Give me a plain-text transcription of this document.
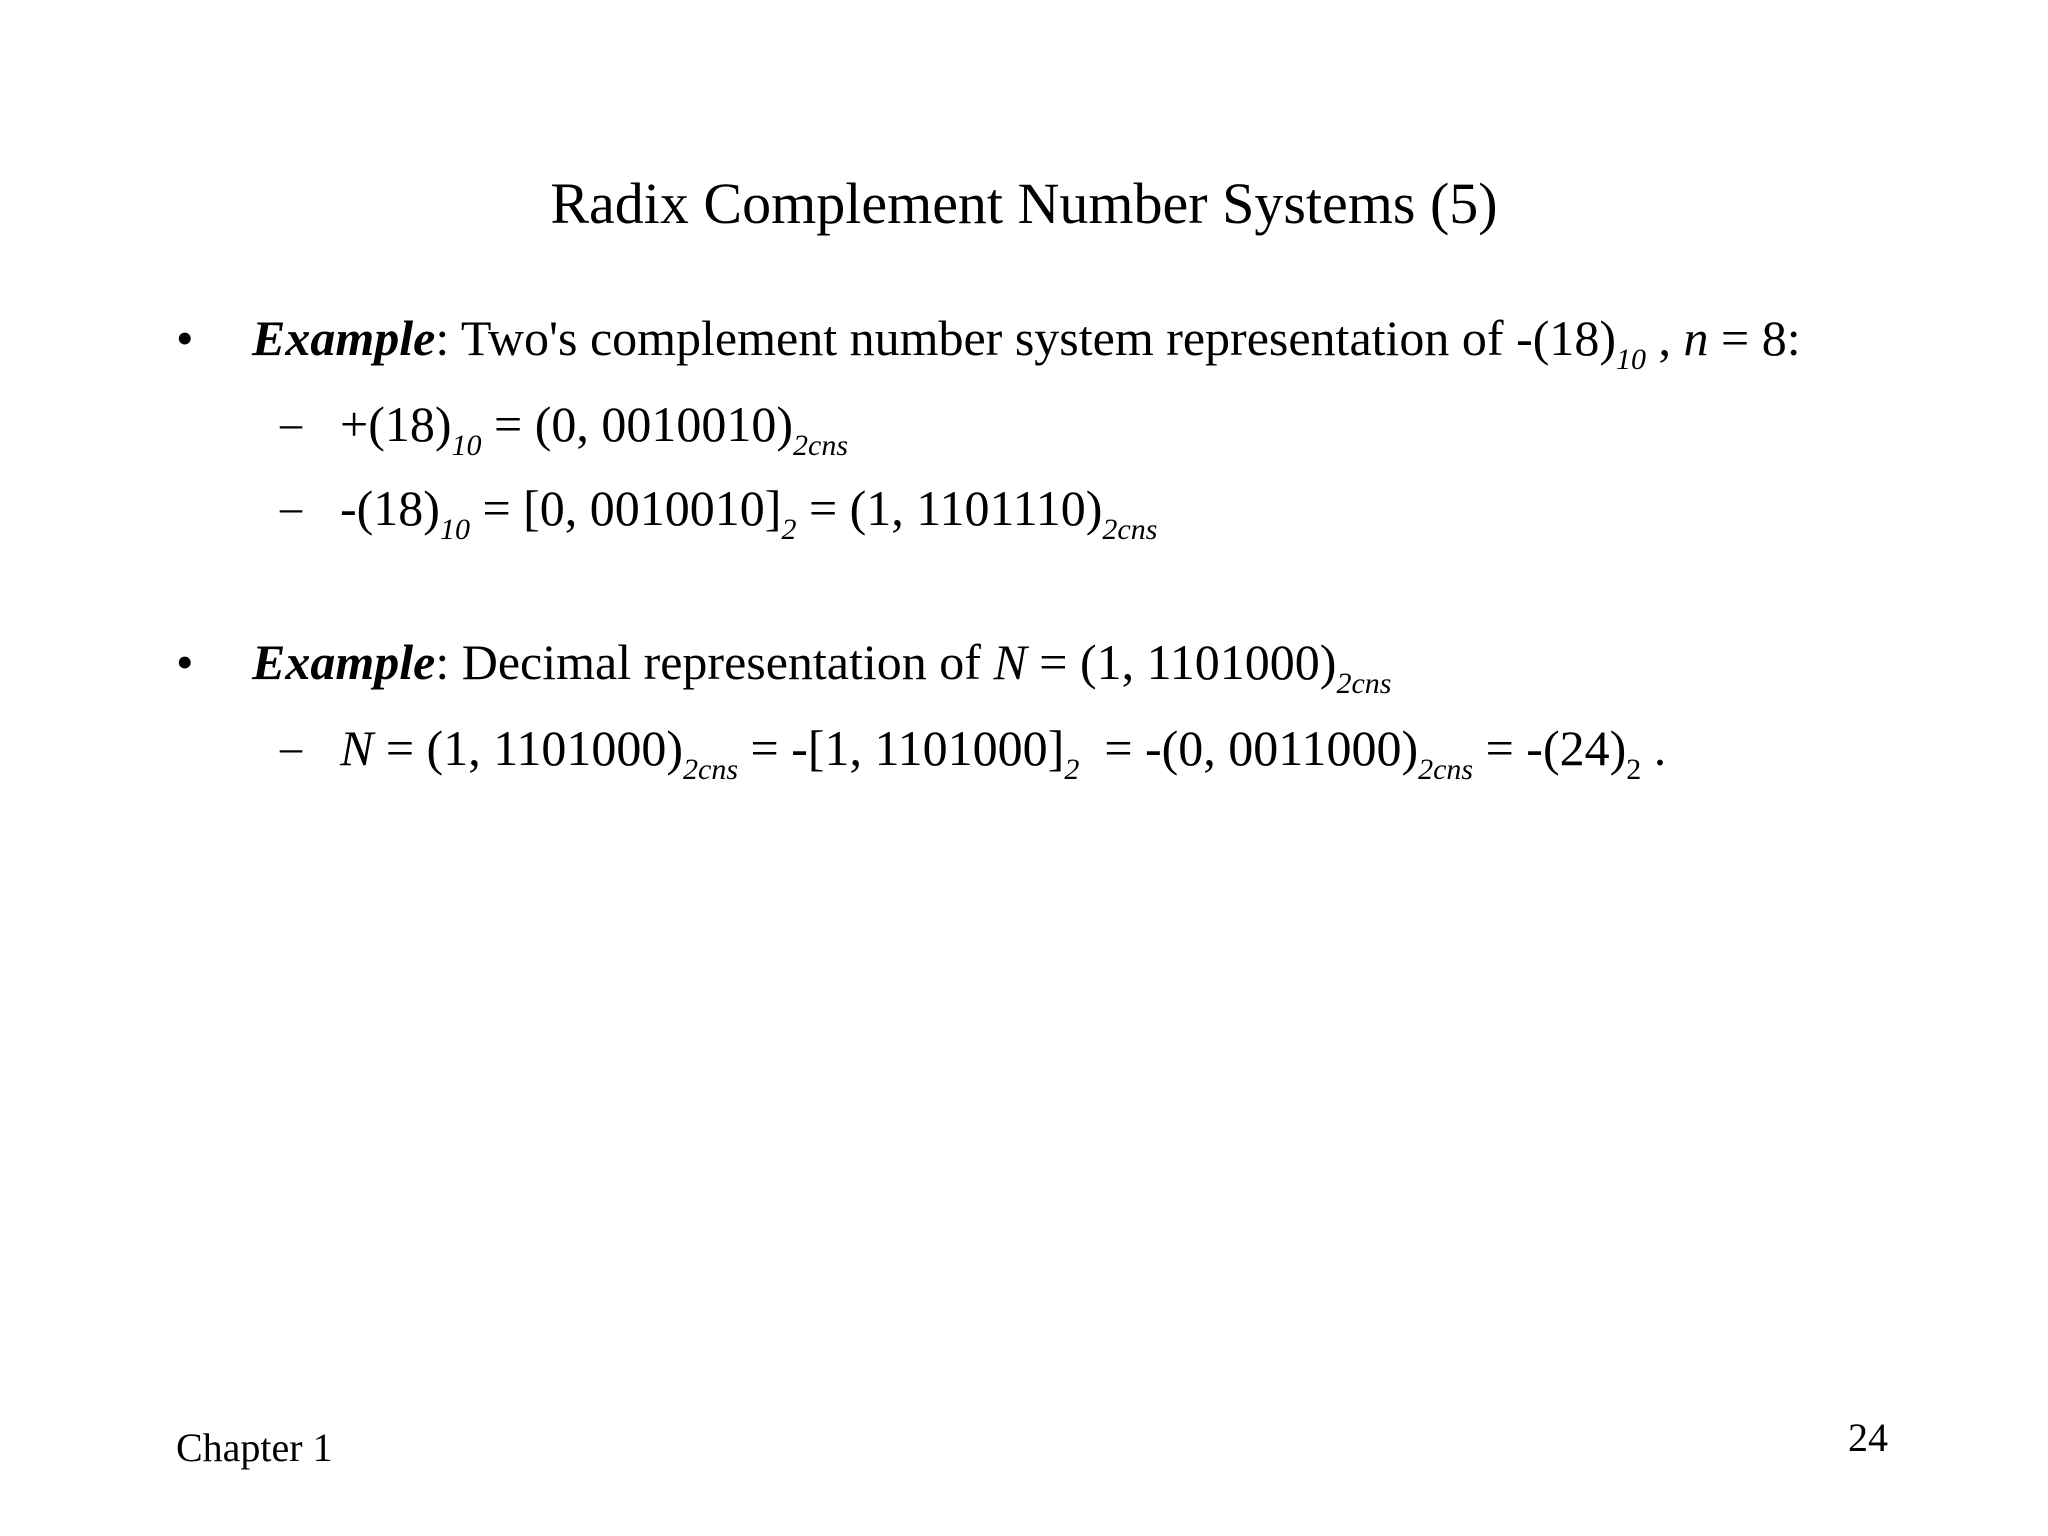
Radix Complement Number Systems (5)
• Example: Two's complement number system representation of $-(18)_{10}$ , n = 8:
– $+(18)_{10} = (0$, $0010010)_{2cns}$
– $-(18)_{10} = [0$, $0010010]_2 = (1$, $1101110)_{2cns}$
• Example: Decimal representation of N = (1, $1101000)_{2cns}$
– N = (1, $1101000)_{2cns} = -[1$, $1101000]_2 = -(0$, $0011000)_{2cns} = -(24)_2$ .
Chapter 1	24
